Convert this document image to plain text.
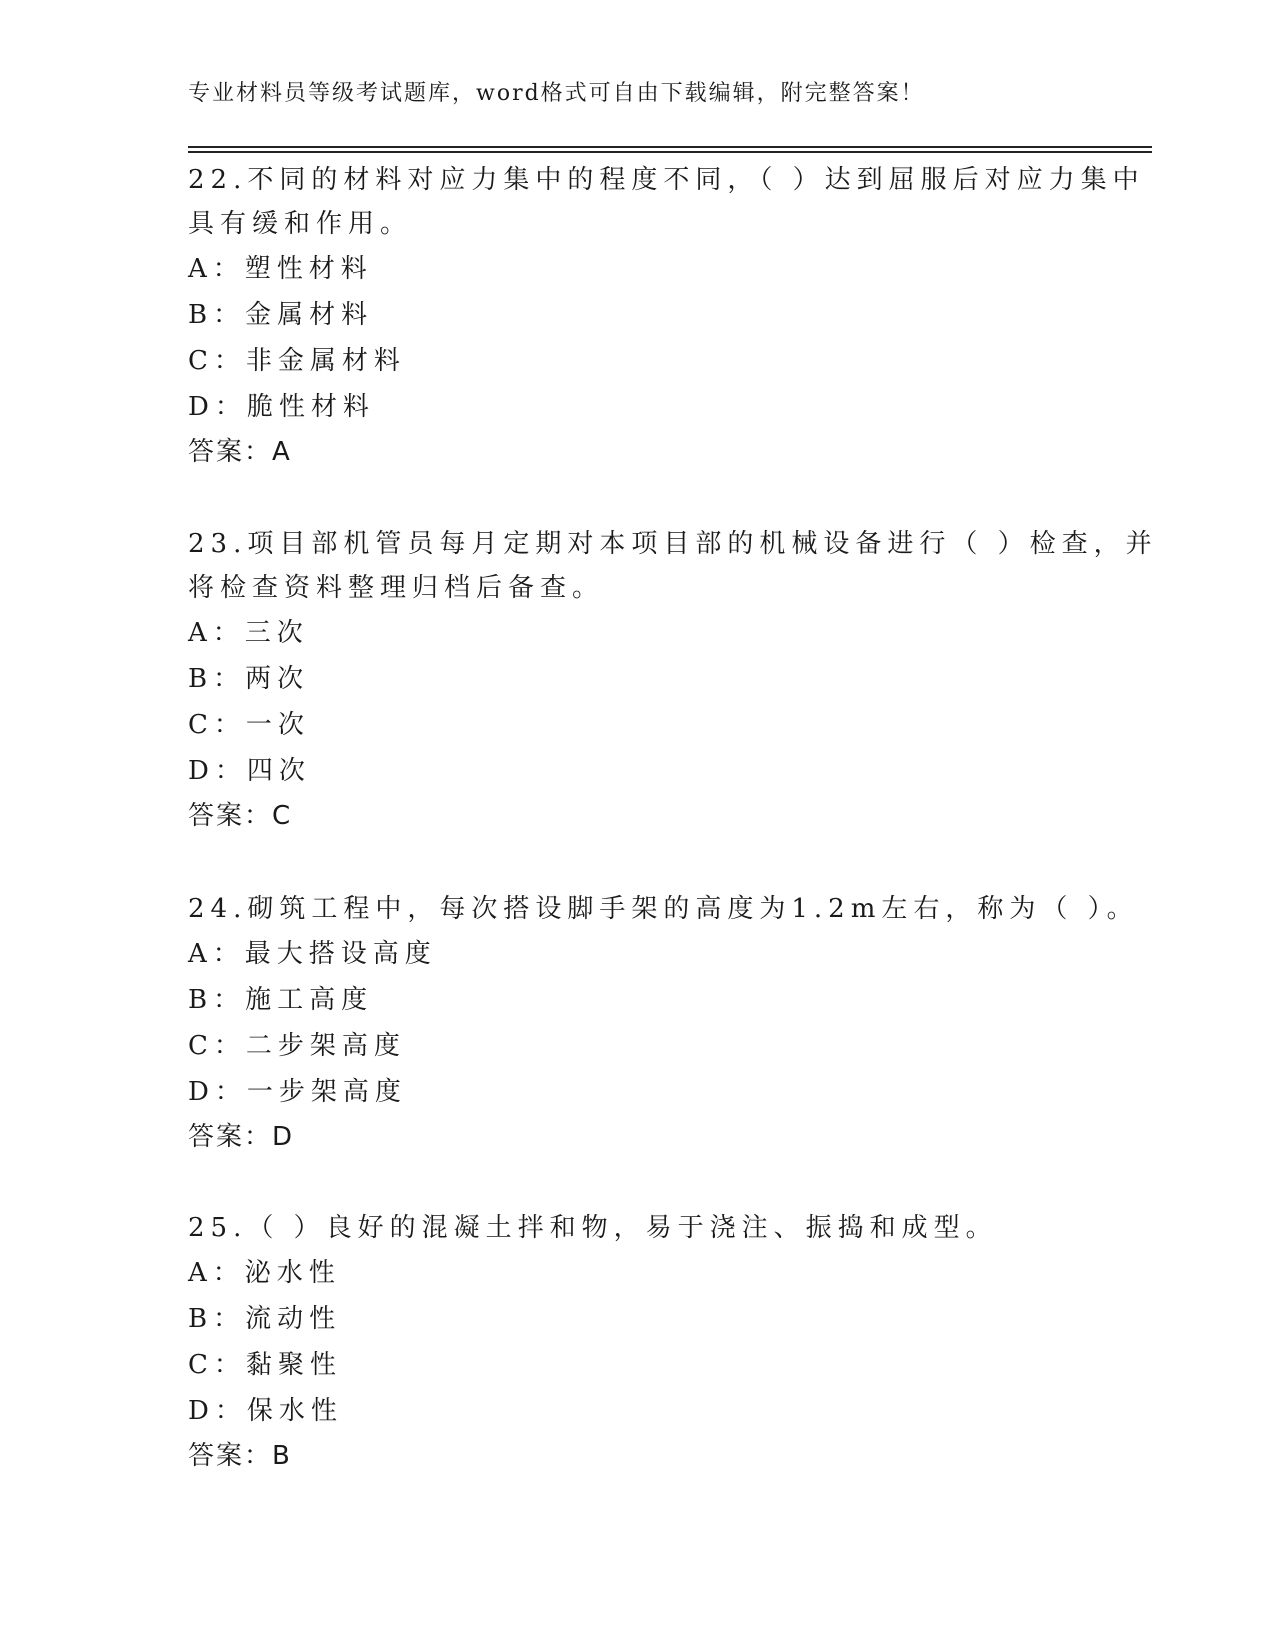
专业材料员等级考试题库，word格式可自由下载编辑，附完整答案！
22.不同的材料对应力集中的程度不同，（ ）达到屈服后对应力集中
具有缓和作用。
A：塑性材料
B：金属材料
C：非金属材料
D：脆性材料
答案：A
23.项目部机管员每月定期对本项目部的机械设备进行（ ）检查，并
将检查资料整理归档后备查。
A：三次
B：两次
C：一次
D：四次
答案：C
24.砌筑工程中，每次搭设脚手架的高度为1.2m左右，称为（ ）。
A：最大搭设高度
B：施工高度
C：二步架高度
D：一步架高度
答案：D
25.（ ）良好的混凝土拌和物，易于浇注、振捣和成型。
A：泌水性
B：流动性
C：黏聚性
D：保水性
答案：B
